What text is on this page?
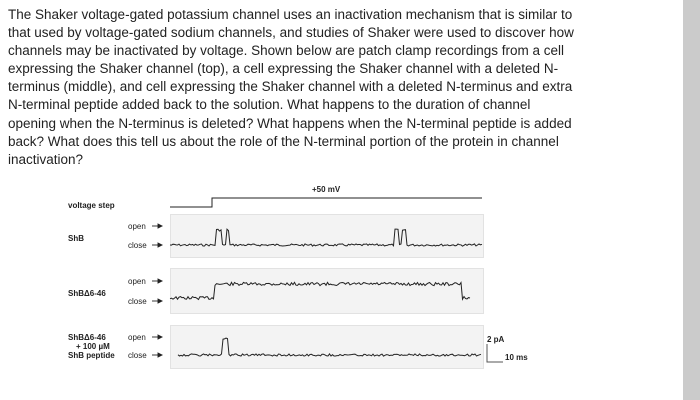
The Shaker voltage-gated potassium channel uses an inactivation mechanism that is similar to
that used by voltage-gated sodium channels, and studies of Shaker were used to discover how
channels may be inactivated by voltage. Shown below are patch clamp recordings from a cell
expressing the Shaker channel (top), a cell expressing the Shaker channel with a deleted N-
terminus (middle), and cell expressing the Shaker channel with a deleted N-terminus and extra
N-terminal peptide added back to the solution. What happens to the duration of channel
opening when the N-terminus is deleted? What happens when the N-terminal peptide is added
back? What does this tell us about the role of the N-terminal portion of the protein in channel
inactivation?
+50 mV
voltage step
ShB
open
close
ShBΔ6-46
open
close
ShBΔ6-46
+ 100 µM
ShB peptide
open
close
2 pA
10 ms
